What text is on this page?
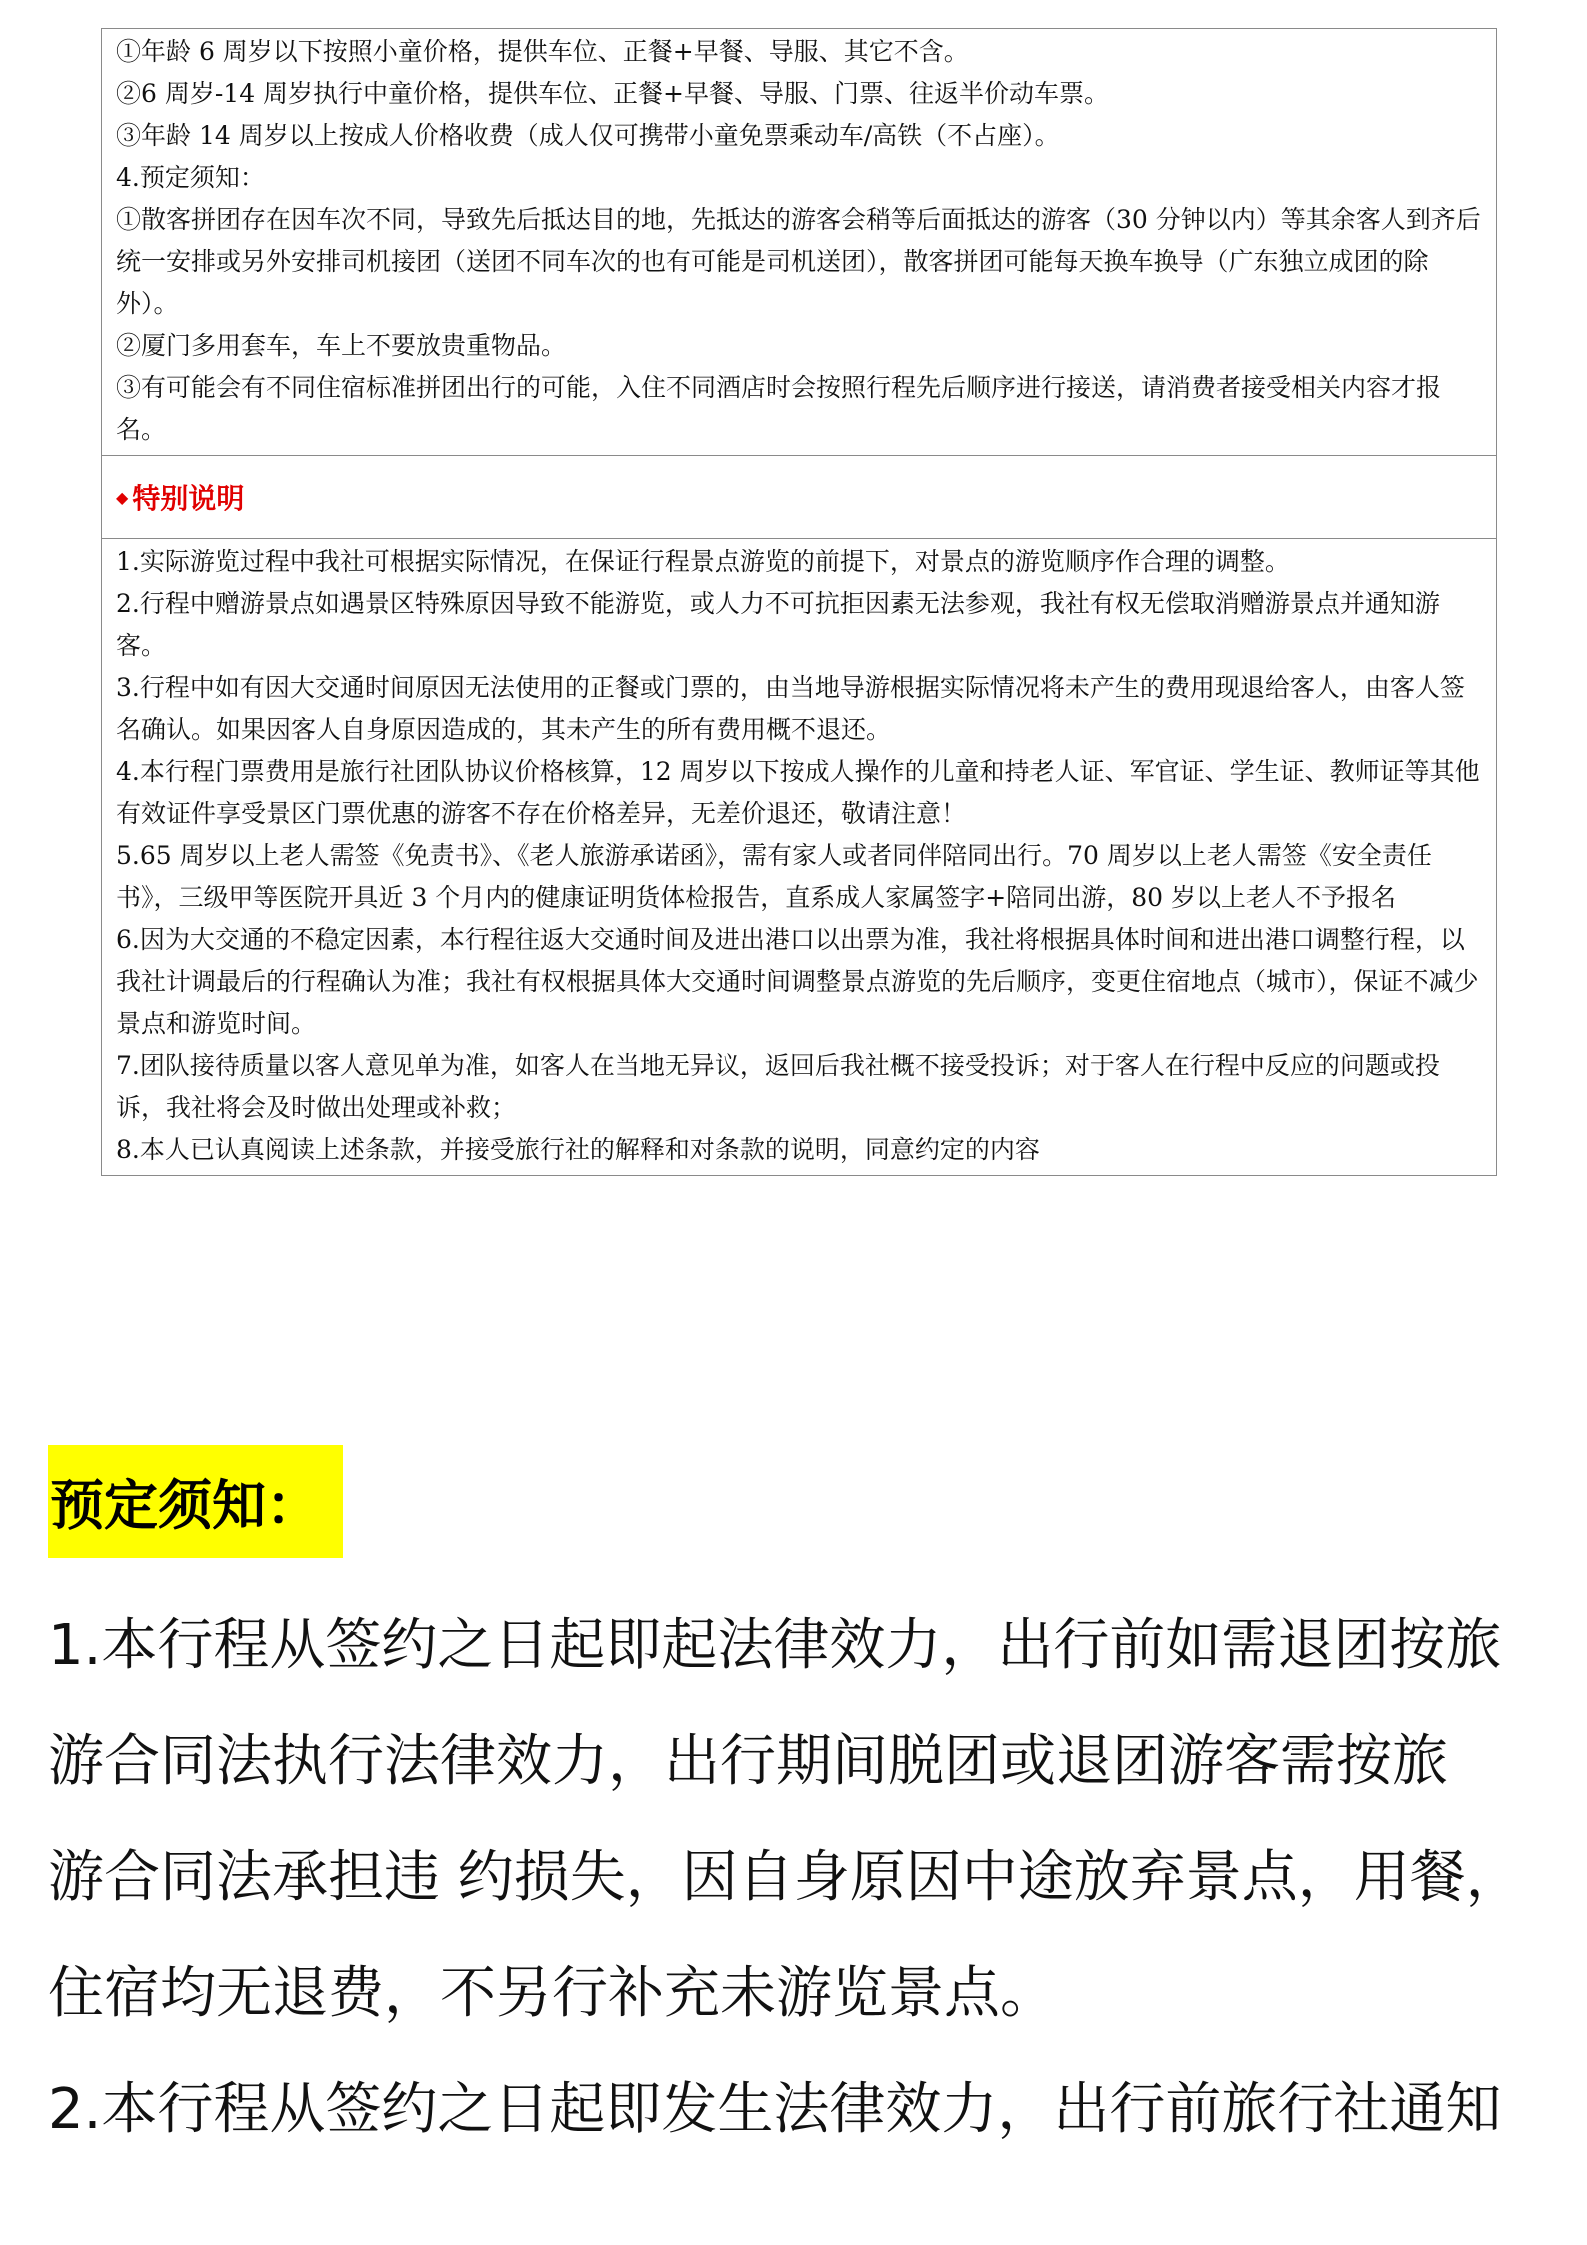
①年龄 6 周岁以下按照小童价格，提供车位、正餐+早餐、导服、其它不含。

②6 周岁-14 周岁执行中童价格，提供车位、正餐+早餐、导服、门票、往返半价动车票。

③年龄 14 周岁以上按成人价格收费（成人仅可携带小童免票乘动车/高铁（不占座）。

4.预定须知：

①散客拼团存在因车次不同，导致先后抵达目的地，先抵达的游客会稍等后面抵达的游客（30 分钟以内）等其余客人到齐后统一安排或另外安排司机接团（送团不同车次的也有可能是司机送团），散客拼团可能每天换车换导（广东独立成团的除外）。

②厦门多用套车，车上不要放贵重物品。

③有可能会有不同住宿标准拼团出行的可能，入住不同酒店时会按照行程先后顺序进行接送，请消费者接受相关内容才报名。

◆ 特别说明

1.实际游览过程中我社可根据实际情况，在保证行程景点游览的前提下，对景点的游览顺序作合理的调整。

2.行程中赠游景点如遇景区特殊原因导致不能游览，或人力不可抗拒因素无法参观，我社有权无偿取消赠游景点并通知游客。

3.行程中如有因大交通时间原因无法使用的正餐或门票的，由当地导游根据实际情况将未产生的费用现退给客人，由客人签名确认。如果因客人自身原因造成的，其未产生的所有费用概不退还。

4.本行程门票费用是旅行社团队协议价格核算，12 周岁以下按成人操作的儿童和持老人证、军官证、学生证、教师证等其他有效证件享受景区门票优惠的游客不存在价格差异，无差价退还，敬请注意！

5.65 周岁以上老人需签《免责书》、《老人旅游承诺函》，需有家人或者同伴陪同出行。70 周岁以上老人需签《安全责任书》，三级甲等医院开具近 3 个月内的健康证明货体检报告，直系成人家属签字+陪同出游，80 岁以上老人不予报名

6.因为大交通的不稳定因素，本行程往返大交通时间及进出港口以出票为准，我社将根据具体时间和进出港口调整行程，以我社计调最后的行程确认为准；我社有权根据具体大交通时间调整景点游览的先后顺序，变更住宿地点（城市），保证不减少景点和游览时间。

7.团队接待质量以客人意见单为准，如客人在当地无异议，返回后我社概不接受投诉；对于客人在行程中反应的问题或投诉，我社将会及时做出处理或补救；

8.本人已认真阅读上述条款，并接受旅行社的解释和对条款的说明，同意约定的内容

预定须知：

1.本行程从签约之日起即起法律效力，出行前如需退团按旅

游合同法执行法律效力，出行期间脱团或退团游客需按旅

游合同法承担违 约损失，因自身原因中途放弃景点，用餐，

住宿均无退费，不另行补充未游览景点。

2.本行程从签约之日起即发生法律效力，出行前旅行社通知
